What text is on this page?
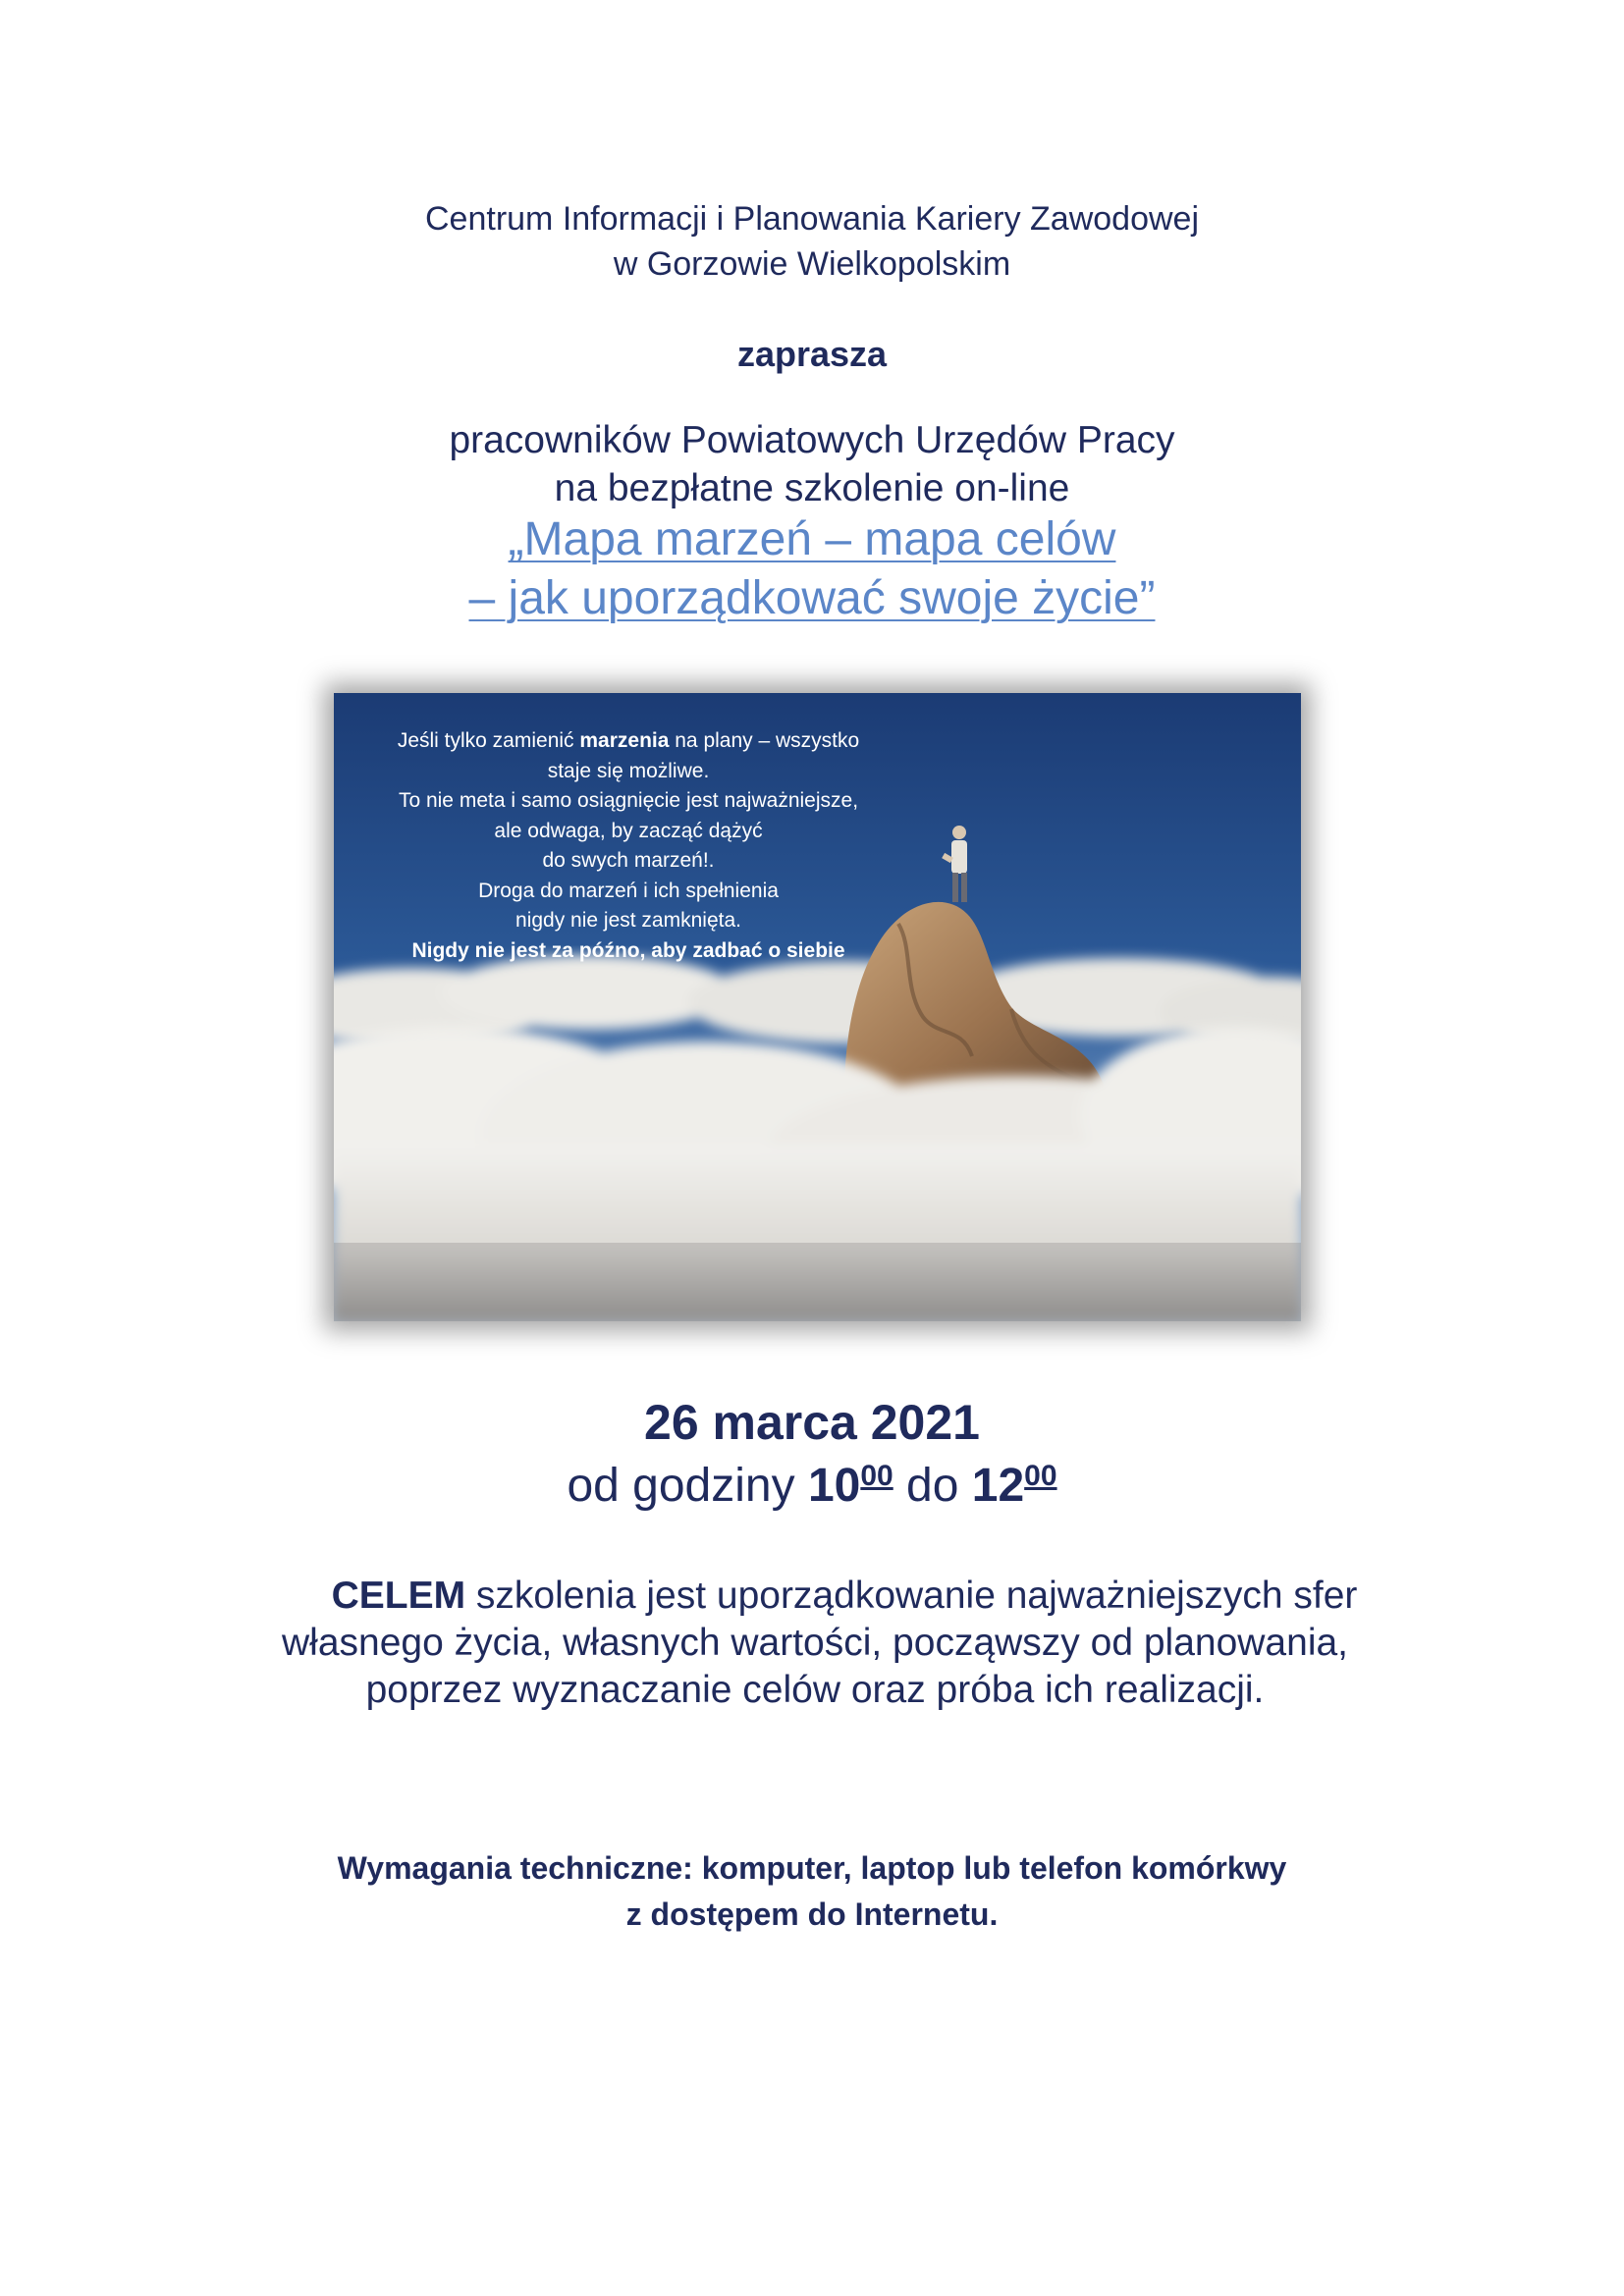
Centrum Informacji i Planowania Kariery Zawodowej
w Gorzowie Wielkopolskim
zaprasza
pracowników Powiatowych Urzędów Pracy
na bezpłatne szkolenie on-line
„Mapa marzeń – mapa celów
– jak uporządkować swoje życie”
Jeśli tylko zamienić marzenia na plany – wszystko
staje się możliwe.
To nie meta i samo osiągnięcie jest najważniejsze,
ale odwaga, by zacząć dążyć
do swych marzeń!.
Droga do marzeń i ich spełnienia
nigdy nie jest zamknięta.
Nigdy nie jest za późno, aby zadbać o siebie
26 marca 2021
od godziny $10^{00}$ do $12^{00}$
CELEM szkolenia jest uporządkowanie najważniejszych sfer
własnego życia, własnych wartości, począwszy od planowania,
poprzez wyznaczanie celów oraz próba ich realizacji.
Wymagania techniczne: komputer, laptop lub telefon komórkwy
z dostępem do Internetu.
